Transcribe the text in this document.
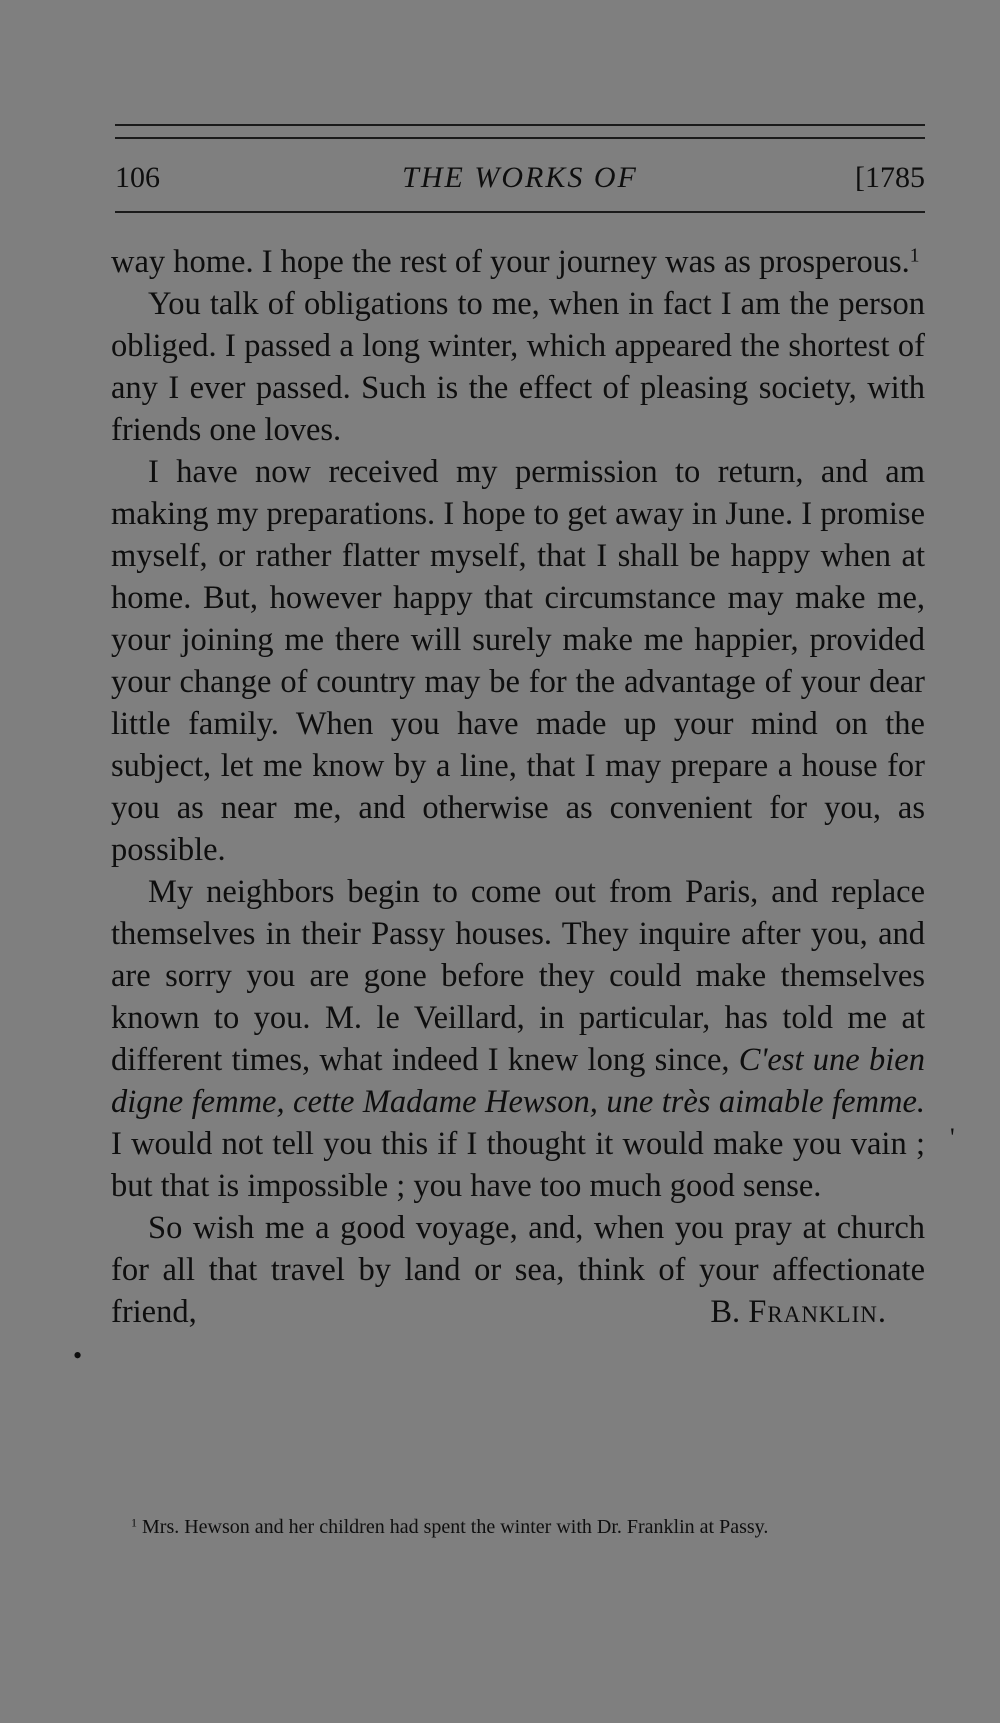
106	THE WORKS OF	[1785

way home. I hope the rest of your journey was as prosperous.$^1$

You talk of obligations to me, when in fact I am the person obliged. I passed a long winter, which appeared the shortest of any I ever passed. Such is the effect of pleasing society, with friends one loves.

I have now received my permission to return, and am making my preparations. I hope to get away in June. I promise myself, or rather flatter myself, that I shall be happy when at home. But, however happy that circumstance may make me, your joining me there will surely make me happier, provided your change of country may be for the advantage of your dear little family. When you have made up your mind on the subject, let me know by a line, that I may prepare a house for you as near me, and otherwise as convenient for you, as possible.

My neighbors begin to come out from Paris, and replace themselves in their Passy houses. They inquire after you, and are sorry you are gone before they could make themselves known to you. M. le Veillard, in particular, has told me at different times, what indeed I knew long since, C'est une bien digne femme, cette Madame Hewson, une très aimable femme. I would not tell you this if I thought it would make you vain ; but that is impossible ; you have too much good sense.

So wish me a good voyage, and, when you pray at church for all that travel by land or sea, think of your affectionate friend,	B. Franklin.

$^1$ Mrs. Hewson and her children had spent the winter with Dr. Franklin at Passy.
'
•
